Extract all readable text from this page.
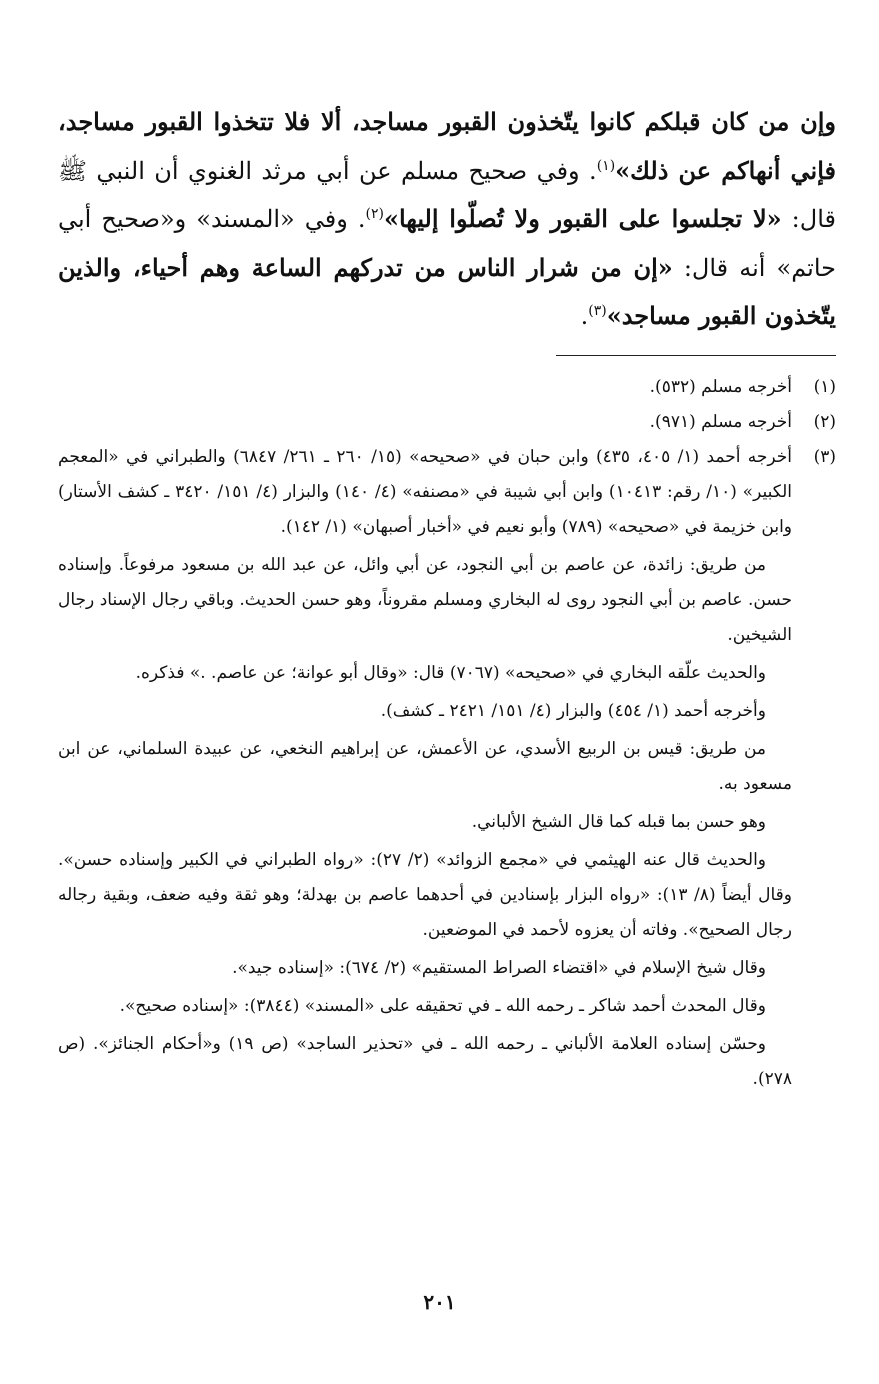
وإن من كان قبلكم كانوا يتّخذون القبور مساجد، ألا فلا تتخذوا القبور مساجد، فإني أنهاكم عن ذلك»$^{(١)}$. وفي صحيح مسلم عن أبي مرثد الغنوي أن النبي ﷺ قال: «لا تجلسوا على القبور ولا تُصلّوا إليها»$^{(٢)}$. وفي «المسند» و«صحيح أبي حاتم» أنه قال: «إن من شرار الناس من تدركهم الساعة وهم أحياء، والذين يتّخذون القبور مساجد»$^{(٣)}$.
(١)
أخرجه مسلم (٥٣٢).
(٢)
أخرجه مسلم (٩٧١).
(٣)
أخرجه أحمد (١/ ٤٠٥، ٤٣٥) وابن حبان في «صحيحه» (١٥/ ٢٦٠ ـ ٢٦١/ ٦٨٤٧) والطبراني في «المعجم الكبير» (١٠/ رقم: ١٠٤١٣) وابن أبي شيبة في «مصنفه» (٤/ ١٤٠) والبزار (٤/ ١٥١/ ٣٤٢٠ ـ كشف الأستار) وابن خزيمة في «صحيحه» (٧٨٩) وأبو نعيم في «أخبار أصبهان» (١/ ١٤٢).
من طريق: زائدة، عن عاصم بن أبي النجود، عن أبي وائل، عن عبد الله بن مسعود مرفوعاً. وإسناده حسن. عاصم بن أبي النجود روى له البخاري ومسلم مقروناً، وهو حسن الحديث. وباقي رجال الإسناد رجال الشيخين.
والحديث علّقه البخاري في «صحيحه» (٧٠٦٧) قال: «وقال أبو عوانة؛ عن عاصم. .» فذكره.
وأخرجه أحمد (١/ ٤٥٤) والبزار (٤/ ١٥١/ ٢٤٢١ ـ كشف).
من طريق: قيس بن الربيع الأسدي، عن الأعمش، عن إبراهيم النخعي، عن عبيدة السلماني، عن ابن مسعود به.
وهو حسن بما قبله كما قال الشيخ الألباني.
والحديث قال عنه الهيثمي في «مجمع الزوائد» (٢/ ٢٧): «رواه الطبراني في الكبير وإسناده حسن». وقال أيضاً (٨/ ١٣): «رواه البزار بإسنادين في أحدهما عاصم بن بهدلة؛ وهو ثقة وفيه ضعف، وبقية رجاله رجال الصحيح». وفاته أن يعزوه لأحمد في الموضعين.
وقال شيخ الإسلام في «اقتضاء الصراط المستقيم» (٢/ ٦٧٤): «إسناده جيد».
وقال المحدث أحمد شاكر ـ رحمه الله ـ في تحقيقه على «المسند» (٣٨٤٤): «إسناده صحيح».
وحسّن إسناده العلامة الألباني ـ رحمه الله ـ في «تحذير الساجد» (ص ١٩) و«أحكام الجنائز». (ص ٢٧٨).
٢٠١
